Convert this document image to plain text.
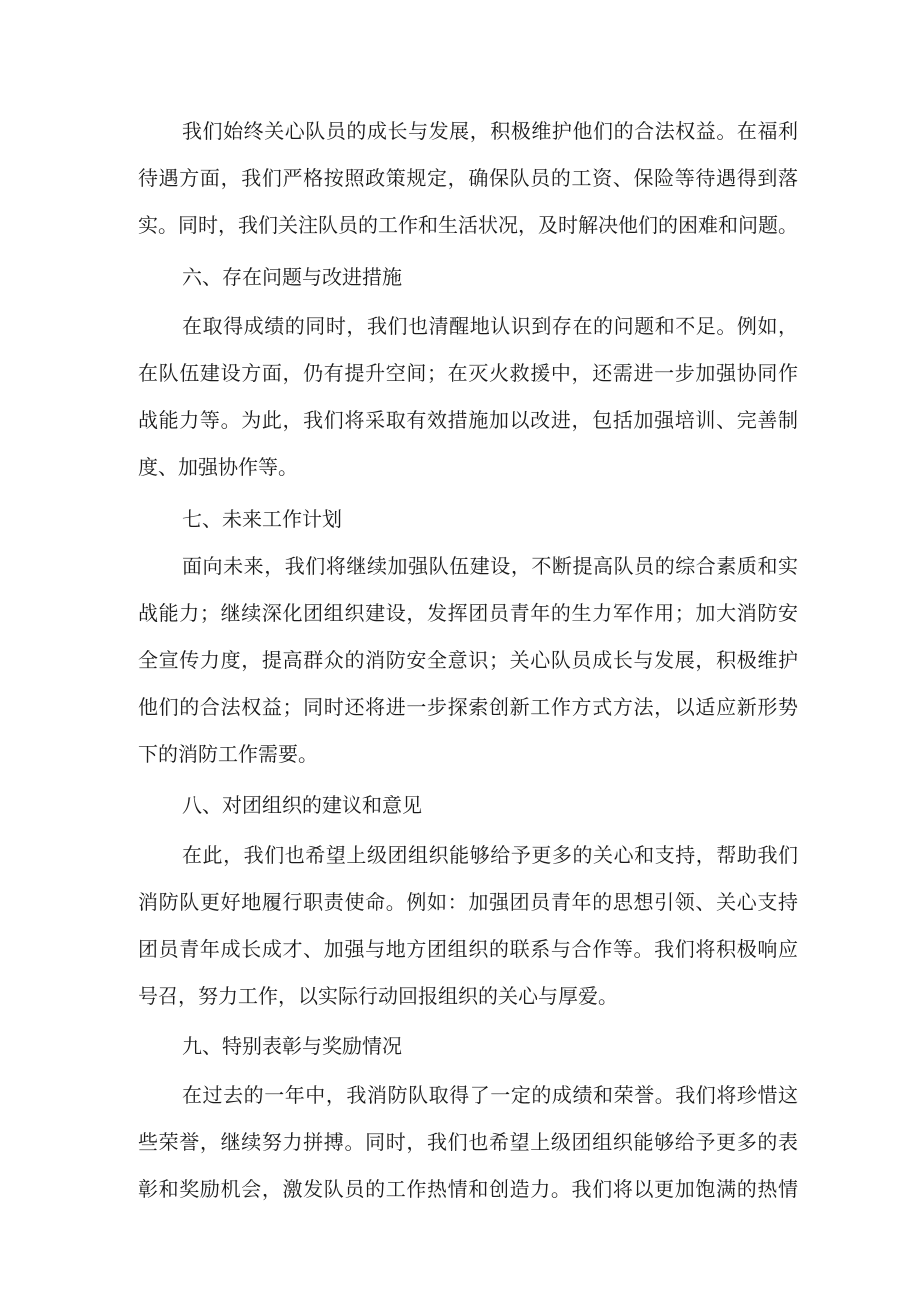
我们始终关心队员的成长与发展，积极维护他们的合法权益。在福利
待遇方面，我们严格按照政策规定，确保队员的工资、保险等待遇得到落
实。同时，我们关注队员的工作和生活状况，及时解决他们的困难和问题。
六、存在问题与改进措施
在取得成绩的同时，我们也清醒地认识到存在的问题和不足。例如，
在队伍建设方面，仍有提升空间；在灭火救援中，还需进一步加强协同作
战能力等。为此，我们将采取有效措施加以改进，包括加强培训、完善制
度、加强协作等。
七、未来工作计划
面向未来，我们将继续加强队伍建设，不断提高队员的综合素质和实
战能力；继续深化团组织建设，发挥团员青年的生力军作用；加大消防安
全宣传力度，提高群众的消防安全意识；关心队员成长与发展，积极维护
他们的合法权益；同时还将进一步探索创新工作方式方法，以适应新形势
下的消防工作需要。
八、对团组织的建议和意见
在此，我们也希望上级团组织能够给予更多的关心和支持，帮助我们
消防队更好地履行职责使命。例如：加强团员青年的思想引领、关心支持
团员青年成长成才、加强与地方团组织的联系与合作等。我们将积极响应
号召，努力工作，以实际行动回报组织的关心与厚爱。
九、特别表彰与奖励情况
在过去的一年中，我消防队取得了一定的成绩和荣誉。我们将珍惜这
些荣誉，继续努力拼搏。同时，我们也希望上级团组织能够给予更多的表
彰和奖励机会，激发队员的工作热情和创造力。我们将以更加饱满的热情
